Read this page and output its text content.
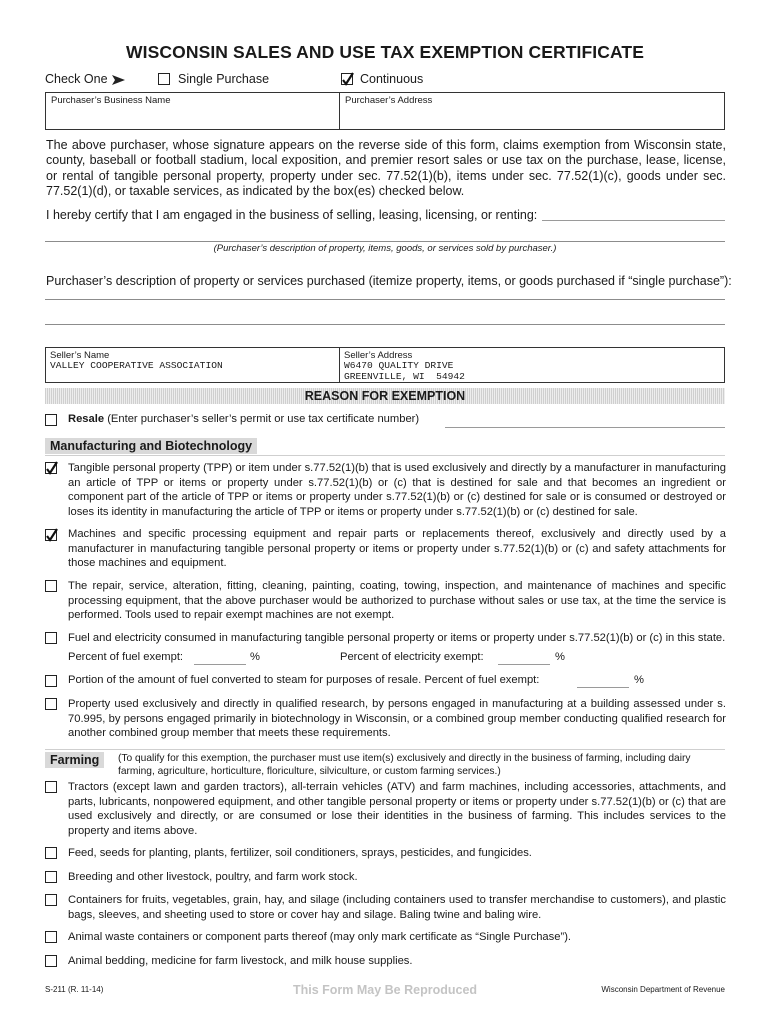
WISCONSIN SALES AND USE TAX EXEMPTION CERTIFICATE
Check One	Single Purchase	Continuous
Purchaser’s Business Name	Purchaser’s Address
The above purchaser, whose signature appears on the reverse side of this form, claims exemption from Wisconsin state, county, baseball or football stadium, local exposition, and premier resort sales or use tax on the purchase, lease, license, or rental of tangible personal property, property under sec. 77.52(1)(b), items under sec. 77.52(1)(c), goods under sec. 77.52(1)(d), or taxable services, as indicated by the box(es) checked below.
I hereby certify that I am engaged in the business of selling, leasing, licensing, or renting:
(Purchaser’s description of property, items, goods, or services sold by purchaser.)
Purchaser’s description of property or services purchased (itemize property, items, or goods purchased if “single purchase”):
Seller’s Name
VALLEY COOPERATIVE ASSOCIATION
Seller’s Address
W6470 QUALITY DRIVE
GREENVILLE, WI  54942
REASON FOR EXEMPTION
Resale (Enter purchaser’s seller’s permit or use tax certificate number)
Manufacturing and Biotechnology
Tangible personal property (TPP) or item under s.77.52(1)(b) that is used exclusively and directly by a manufacturer in manufacturing an article of TPP or items or property under s.77.52(1)(b) or (c) that is destined for sale and that becomes an ingredient or component part of the article of TPP or items or property under s.77.52(1)(b) or (c) destined for sale or is consumed or destroyed or loses its identity in manufacturing the article of TPP or items or property under s.77.52(1)(b) or (c) destined for sale.
Machines and specific processing equipment and repair parts or replacements thereof, exclusively and directly used by a manufacturer in manufacturing tangible personal property or items or property under s.77.52(1)(b) or (c) and safety attachments for those machines and equipment.
The repair, service, alteration, fitting, cleaning, painting, coating, towing, inspection, and maintenance of machines and specific processing equipment, that the above purchaser would be authorized to purchase without sales or use tax, at the time the service is performed. Tools used to repair exempt machines are not exempt.
Fuel and electricity consumed in manufacturing tangible personal property or items or property under s.77.52(1)(b) or (c) in this state.
Percent of fuel exempt:	%	Percent of electricity exempt:	%
Portion of the amount of fuel converted to steam for purposes of resale. Percent of fuel exempt:	%
Property used exclusively and directly in qualified research, by persons engaged in manufacturing at a building assessed under s. 70.995, by persons engaged primarily in biotechnology in Wisconsin, or a combined group member conducting qualified research for another combined group member that meets these requirements.
Farming	(To qualify for this exemption, the purchaser must use item(s) exclusively and directly in the business of farming, including dairy farming, agriculture, horticulture, floriculture, silviculture, or custom farming services.)
Tractors (except lawn and garden tractors), all-terrain vehicles (ATV) and farm machines, including accessories, attachments, and parts, lubricants, nonpowered equipment, and other tangible personal property or items or property under s.77.52(1)(b) or (c) that are used exclusively and directly, or are consumed or lose their identities in the business of farming. This includes services to the property and items above.
Feed, seeds for planting, plants, fertilizer, soil conditioners, sprays, pesticides, and fungicides.
Breeding and other livestock, poultry, and farm work stock.
Containers for fruits, vegetables, grain, hay, and silage (including containers used to transfer merchandise to customers), and plastic bags, sleeves, and sheeting used to store or cover hay and silage. Baling twine and baling wire.
Animal waste containers or component parts thereof (may only mark certificate as “Single Purchase”).
Animal bedding, medicine for farm livestock, and milk house supplies.
S-211 (R. 11-14)	This Form May Be Reproduced	Wisconsin Department of Revenue
